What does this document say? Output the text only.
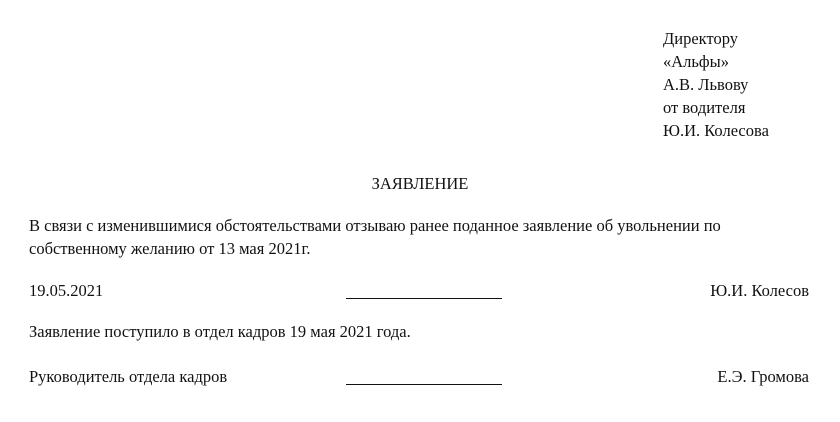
Директору
«Альфы»
А.В. Львову
от водителя
Ю.И. Колесова
ЗАЯВЛЕНИЕ
В связи с изменившимися обстоятельствами отзываю ранее поданное заявление об увольнении по
собственному желанию от 13 мая 2021г.
19.05.2021	Ю.И. Колесов
Заявление поступило в отдел кадров 19 мая 2021 года.
Руководитель отдела кадров	Е.Э. Громова
